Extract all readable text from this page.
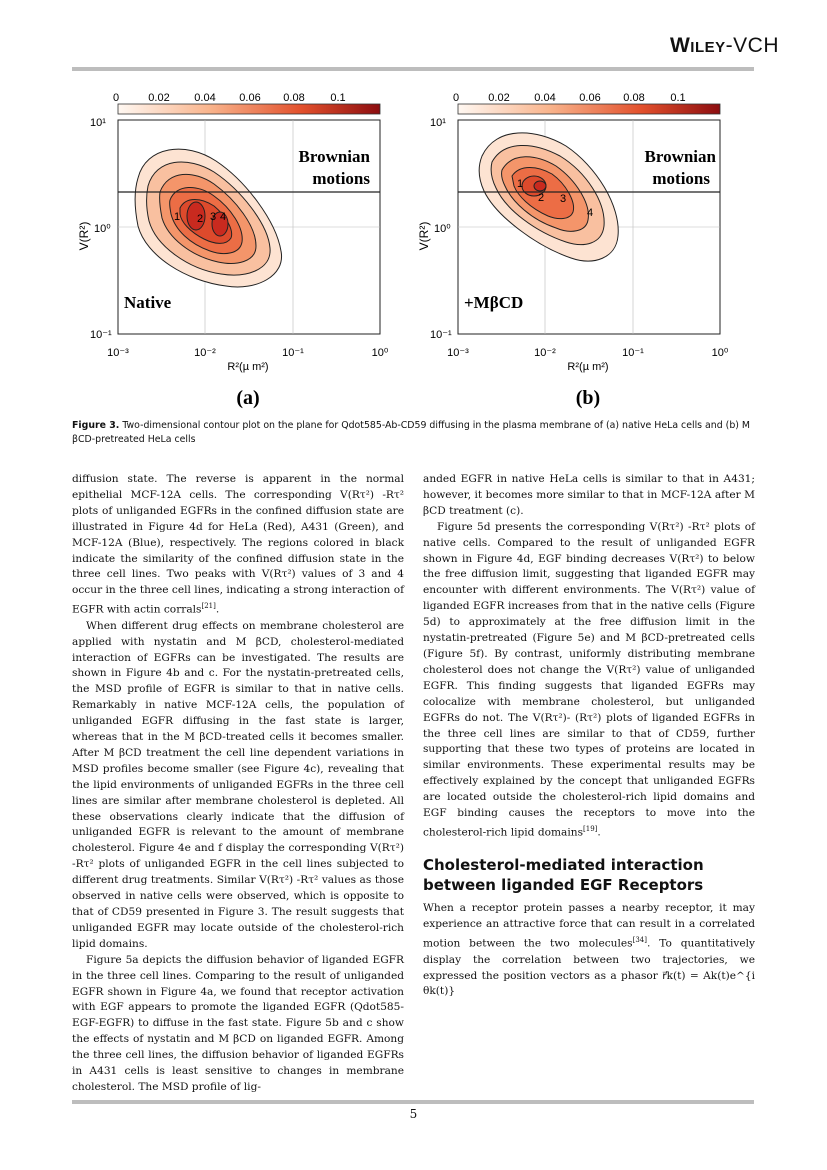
Wiley-VCH
0	0.02 0.04 0.06 0.08 0.1
1 2 3 4
Brownian
motions
Native
10¹
10⁰
10⁻¹
V(R²)
10⁻³	10⁻²	10⁻¹	10⁰
R²(µ m²)
(a)
0	0.02 0.04 0.06 0.08 0.1
1
2 3
4
Brownian
motions
+MβCD
10¹
10⁰
10⁻¹
V(R²)
10⁻³	10⁻²	10⁻¹	10⁰
R²(µ m²)
(b)
Figure 3. Two-dimensional contour plot on the plane for Qdot585-Ab-CD59 diffusing in the plasma membrane of (a) native HeLa cells and (b) M βCD-pretreated HeLa cells

diffusion state. The reverse is apparent in the normal epithelial MCF-12A cells. The corresponding V(Rτ²) -Rτ² plots of unliganded EGFRs in the confined diffusion state are illustrated in Figure 4d for HeLa (Red), A431 (Green), and MCF-12A (Blue), respectively. The regions colored in black indicate the similarity of the confined diffusion state in the three cell lines. Two peaks with V(Rτ²) values of 3 and 4 occur in the three cell lines, indicating a strong interaction of EGFR with actin corrals[21].

When different drug effects on membrane cholesterol are applied with nystatin and M βCD, cholesterol-mediated interaction of EGFRs can be investigated. The results are shown in Figure 4b and c. For the nystatin-pretreated cells, the MSD profile of EGFR is similar to that in native cells. Remarkably in native MCF-12A cells, the population of unliganded EGFR diffusing in the fast state is larger, whereas that in the M βCD-treated cells it becomes smaller. After M βCD treatment the cell line dependent variations in MSD profiles become smaller (see Figure 4c), revealing that the lipid environments of unliganded EGFRs in the three cell lines are similar after membrane cholesterol is depleted. All these observations clearly indicate that the diffusion of unliganded EGFR is relevant to the amount of membrane cholesterol. Figure 4e and f display the corresponding V(Rτ²) -Rτ² plots of unliganded EGFR in the cell lines subjected to different drug treatments. Similar V(Rτ²) -Rτ² values as those observed in native cells were observed, which is opposite to that of CD59 presented in Figure 3. The result suggests that unliganded EGFR may locate outside of the cholesterol-rich lipid domains.

Figure 5a depicts the diffusion behavior of liganded EGFR in the three cell lines. Comparing to the result of unliganded EGFR shown in Figure 4a, we found that receptor activation with EGF appears to promote the liganded EGFR (Qdot585-EGF-EGFR) to diffuse in the fast state. Figure 5b and c show the effects of nystatin and M βCD on liganded EGFR. Among the three cell lines, the diffusion behavior of liganded EGFRs in A431 cells is least sensitive to changes in membrane cholesterol. The MSD profile of lig-

anded EGFR in native HeLa cells is similar to that in A431; however, it becomes more similar to that in MCF-12A after M βCD treatment (c).

Figure 5d presents the corresponding V(Rτ²) -Rτ² plots of native cells. Compared to the result of unliganded EGFR shown in Figure 4d, EGF binding decreases V(Rτ²) to below the free diffusion limit, suggesting that liganded EGFR may encounter with different environments. The V(Rτ²) value of liganded EGFR increases from that in the native cells (Figure 5d) to approximately at the free diffusion limit in the nystatin-pretreated (Figure 5e) and M βCD-pretreated cells (Figure 5f). By contrast, uniformly distributing membrane cholesterol does not change the V(Rτ²) value of unliganded EGFR. This finding suggests that liganded EGFRs may colocalize with membrane cholesterol, but unliganded EGFRs do not. The V(Rτ²)- (Rτ²) plots of liganded EGFRs in the three cell lines are similar to that of CD59, further supporting that these two types of proteins are located in similar environments. These experimental results may be effectively explained by the concept that unliganded EGFRs are located outside the cholesterol-rich lipid domains and EGF binding causes the receptors to move into the cholesterol-rich lipid domains[19].

Cholesterol-mediated interaction between liganded EGF Receptors

When a receptor protein passes a nearby receptor, it may experience an attractive force that can result in a correlated motion between the two molecules[34]. To quantitatively display the correlation between two trajectories, we expressed the position vectors as a phasor r⃗k(t) = Ak(t)e^{i θk(t)}

5
